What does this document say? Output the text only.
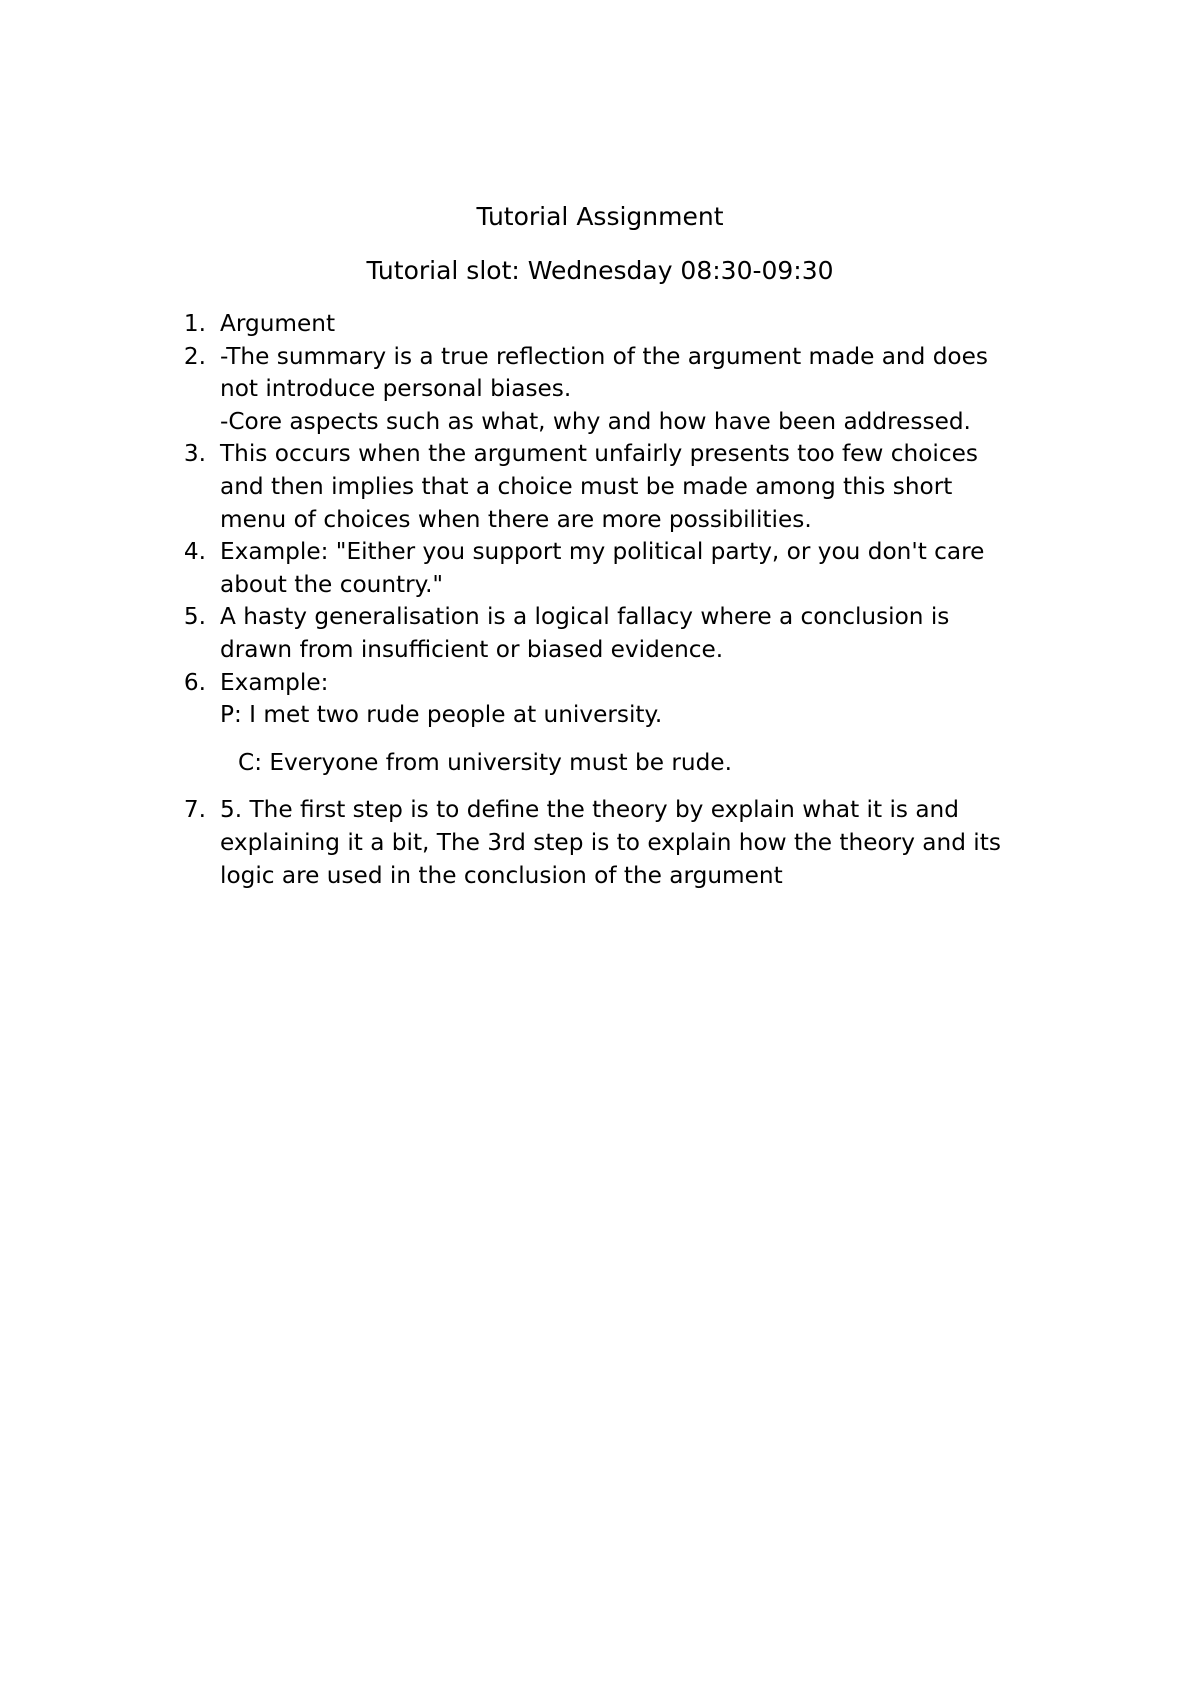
Tutorial Assignment
Tutorial slot: Wednesday 08:30-09:30
1. Argument
2. -The summary is a true reflection of the argument made and does
not introduce personal biases.
-Core aspects such as what, why and how have been addressed.
3. This occurs when the argument unfairly presents too few choices
and then implies that a choice must be made among this short
menu of choices when there are more possibilities.
4. Example: "Either you support my political party, or you don't care
about the country."
5. A hasty generalisation is a logical fallacy where a conclusion is
drawn from insufficient or biased evidence.
6. Example:
P: I met two rude people at university.
C: Everyone from university must be rude.
7. 5. The first step is to define the theory by explain what it is and
explaining it a bit, The 3rd step is to explain how the theory and its
logic are used in the conclusion of the argument
